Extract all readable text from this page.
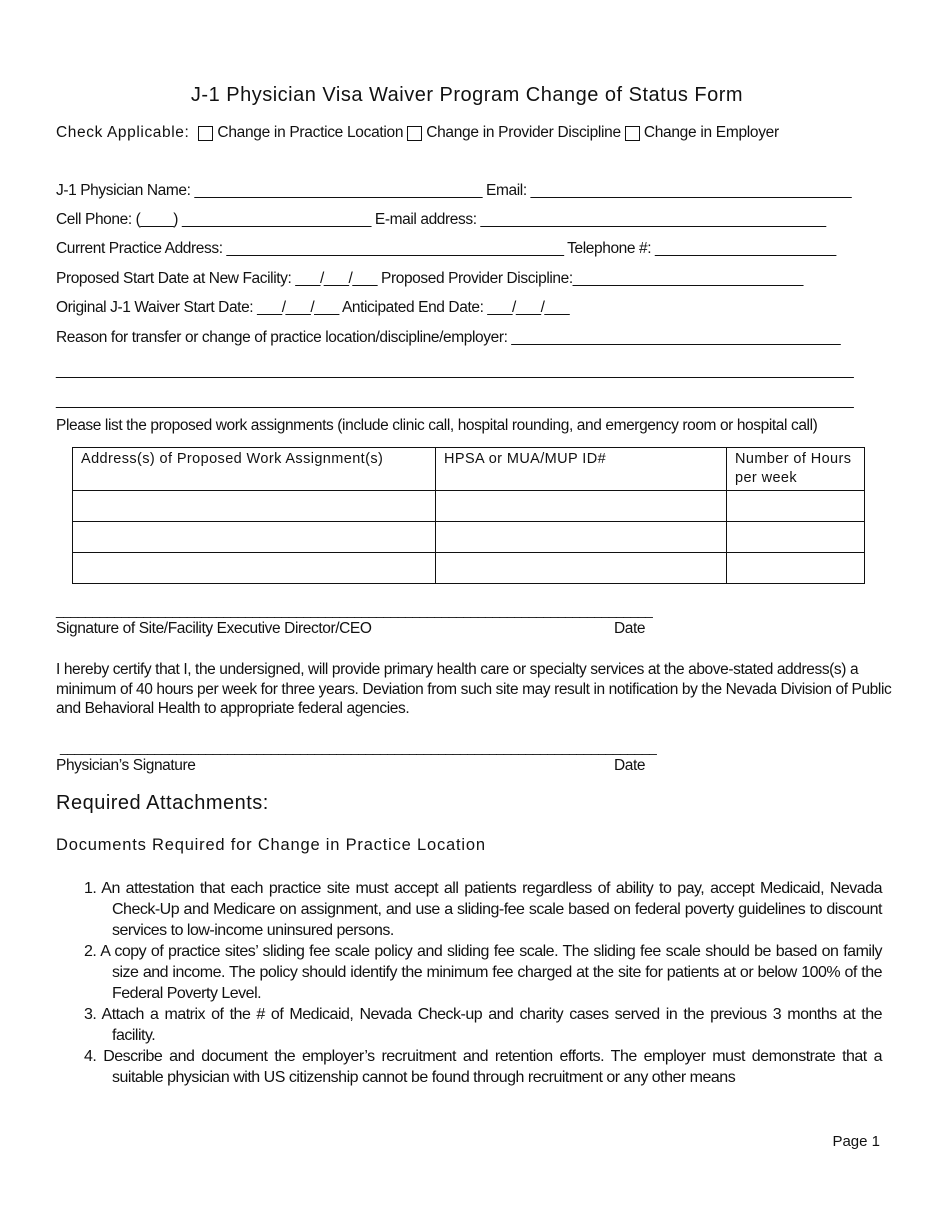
J-1 Physician Visa Waiver Program Change of Status Form
Check Applicable: Change in Practice Location Change in Provider Discipline Change in Employer
J-1 Physician Name: ___________________________________ Email: _______________________________________
Cell Phone: (____) _______________________ E-mail address: __________________________________________
Current Practice Address: _________________________________________ Telephone #: ______________________
Proposed Start Date at New Facility: ___/___/___ Proposed Provider Discipline:____________________________
Original J-1 Waiver Start Date: ___/___/___ Anticipated End Date: ___/___/___
Reason for transfer or change of practice location/discipline/employer: ________________________________________
_________________________________________________________________________________________________
_________________________________________________________________________________________________
Please list the proposed work assignments (include clinic call, hospital rounding, and emergency room or hospital call)
Address(s) of Proposed Work Assignment(s)	HPSA or MUA/MUP ID#	Number of Hours per week

__________________________________________________________________________________
Signature of Site/Facility Executive Director/CEO	Date
I hereby certify that I, the undersigned, will provide primary health care or specialty services at the above-stated address(s) a minimum of 40 hours per week for three years. Deviation from such site may result in notification by the Nevada Division of Public and Behavioral Health to appropriate federal agencies.
__________________________________________________________________________________
Physician’s Signature	Date
Required Attachments:
Documents Required for Change in Practice Location
1. An attestation that each practice site must accept all patients regardless of ability to pay, accept Medicaid, Nevada Check-Up and Medicare on assignment, and use a sliding-fee scale based on federal poverty guidelines to discount services to low-income uninsured persons.
2. A copy of practice sites’ sliding fee scale policy and sliding fee scale. The sliding fee scale should be based on family size and income. The policy should identify the minimum fee charged at the site for patients at or below 100% of the Federal Poverty Level.
3. Attach a matrix of the # of Medicaid, Nevada Check-up and charity cases served in the previous 3 months at the facility.
4. Describe and document the employer’s recruitment and retention efforts. The employer must demonstrate that a suitable physician with US citizenship cannot be found through recruitment or any other means
Page 1
